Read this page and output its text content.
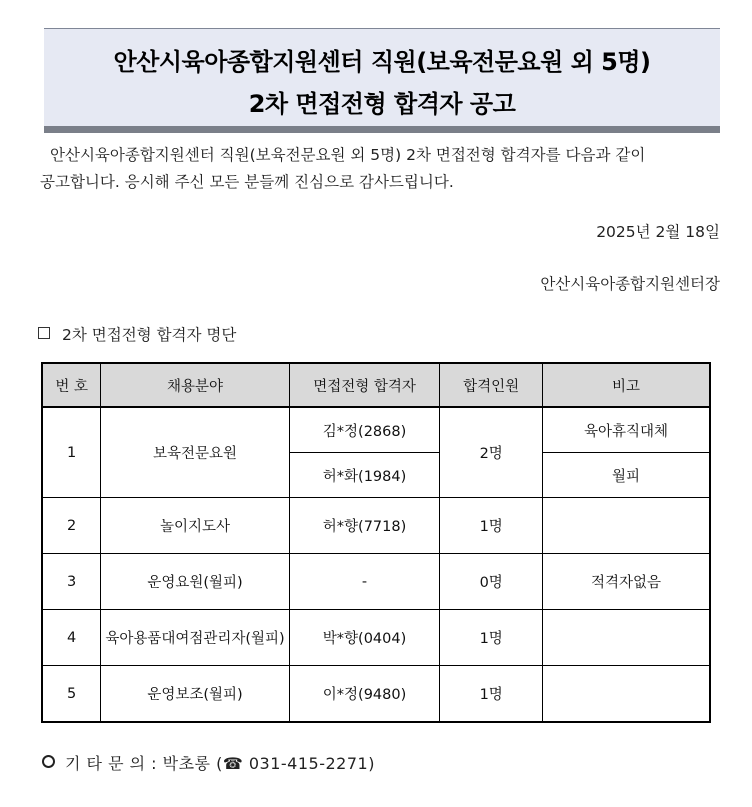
안산시육아종합지원센터 직원(보육전문요원 외 5명)
2차 면접전형 합격자 공고
안산시육아종합지원센터 직원(보육전문요원 외 5명) 2차 면접전형 합격자를 다음과 같이
공고합니다. 응시해 주신 모든 분들께 진심으로 감사드립니다.
2025년 2월 18일
안산시육아종합지원센터장
2차 면접전형 합격자 명단
번 호	채용분야	면접전형 합격자	합격인원	비고
1	보육전문요원	김*정(2868)	2명	육아휴직대체
		허*화(1984)		월피
2	놀이지도사	허*향(7718)	1명	
3	운영요원(월피)	-	0명	적격자없음
4	육아용품대여점관리자(월피)	박*향(0404)	1명	
5	운영보조(월피)	이*정(9480)	1명	
기 타 문 의 : 박초롱 (☎ 031-415-2271)
